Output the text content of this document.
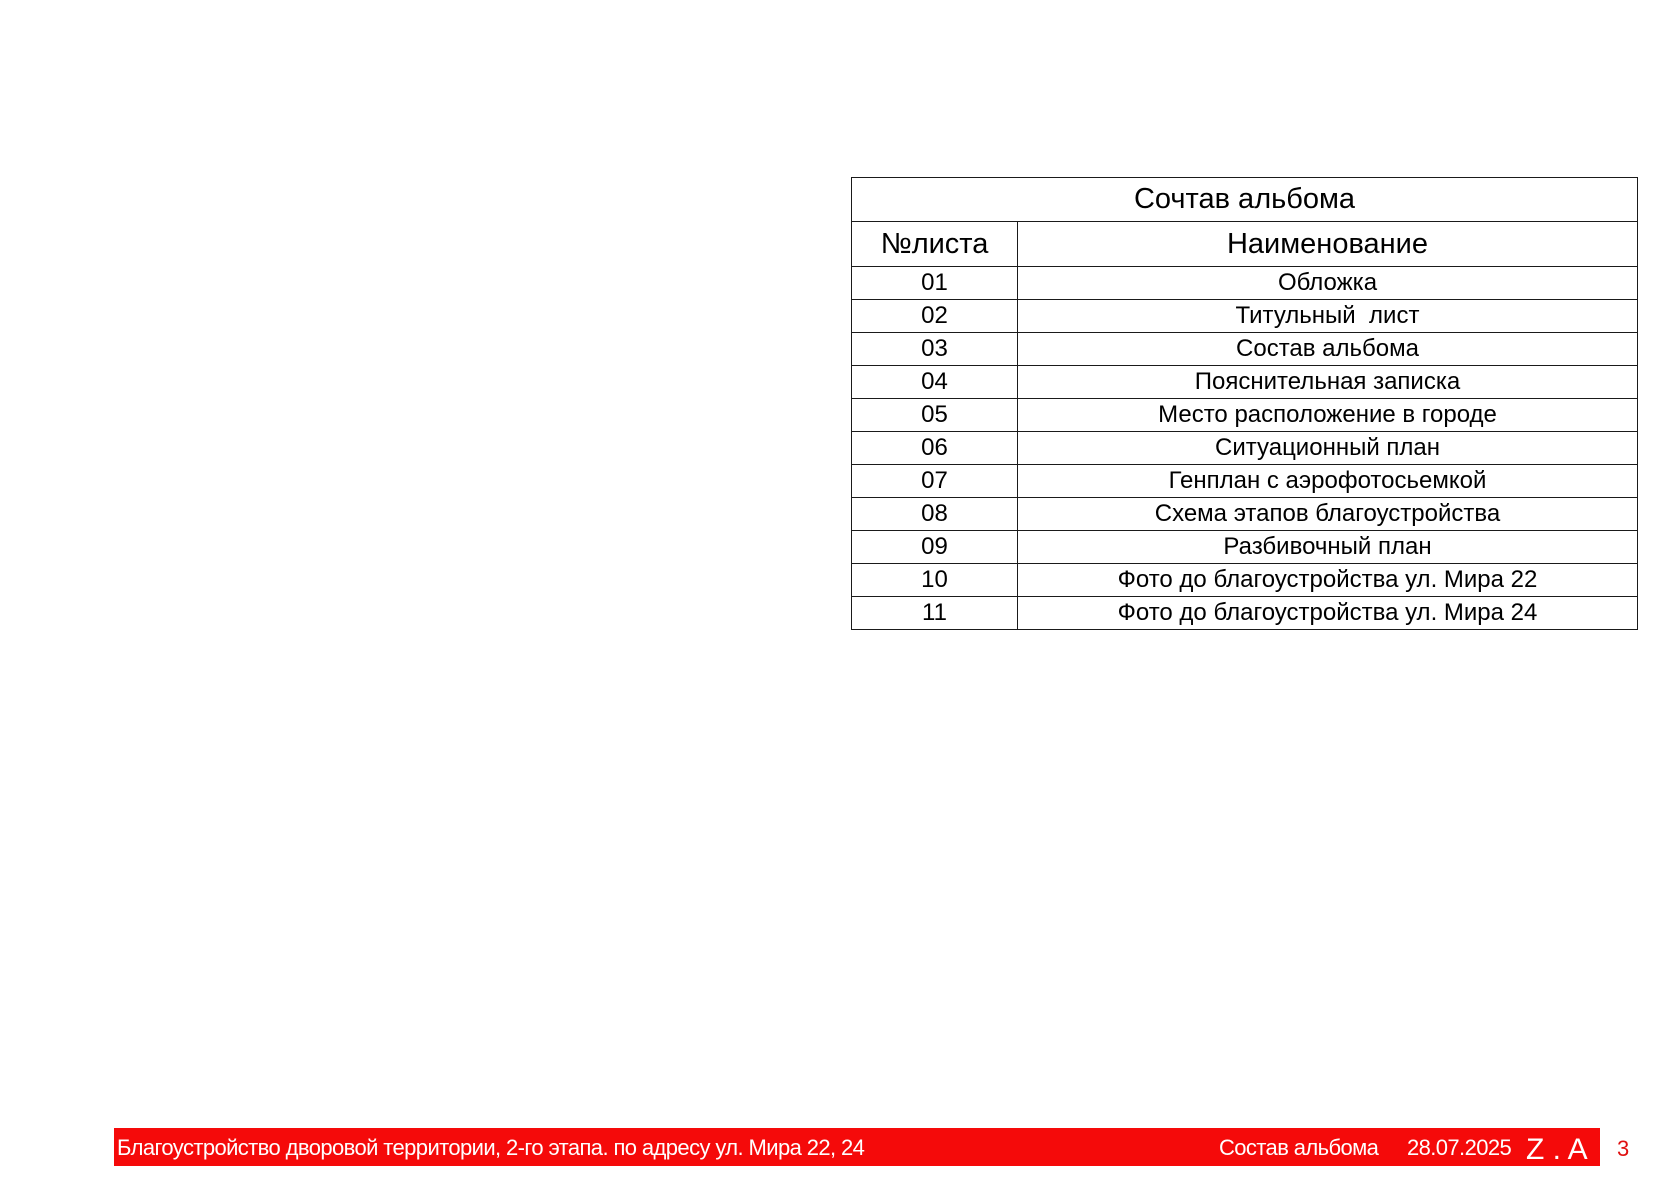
Сочтав альбома	
№листа	Наименование
01	Обложка
02	Титульный  лист
03	Состав альбома
04	Пояснительная записка
05	Место расположение в городе
06	Ситуационный план
07	Генплан с аэрофотосьемкой
08	Схема этапов благоустройства
09	Разбивочный план
10	Фото до благоустройства ул. Мира 22
11	Фото до благоустройства ул. Мира 24
Благоустройство дворовой территории, 2-го этапа. по адресу ул. Мира 22, 24	Состав альбома 28.07.2025 Z . A 3
